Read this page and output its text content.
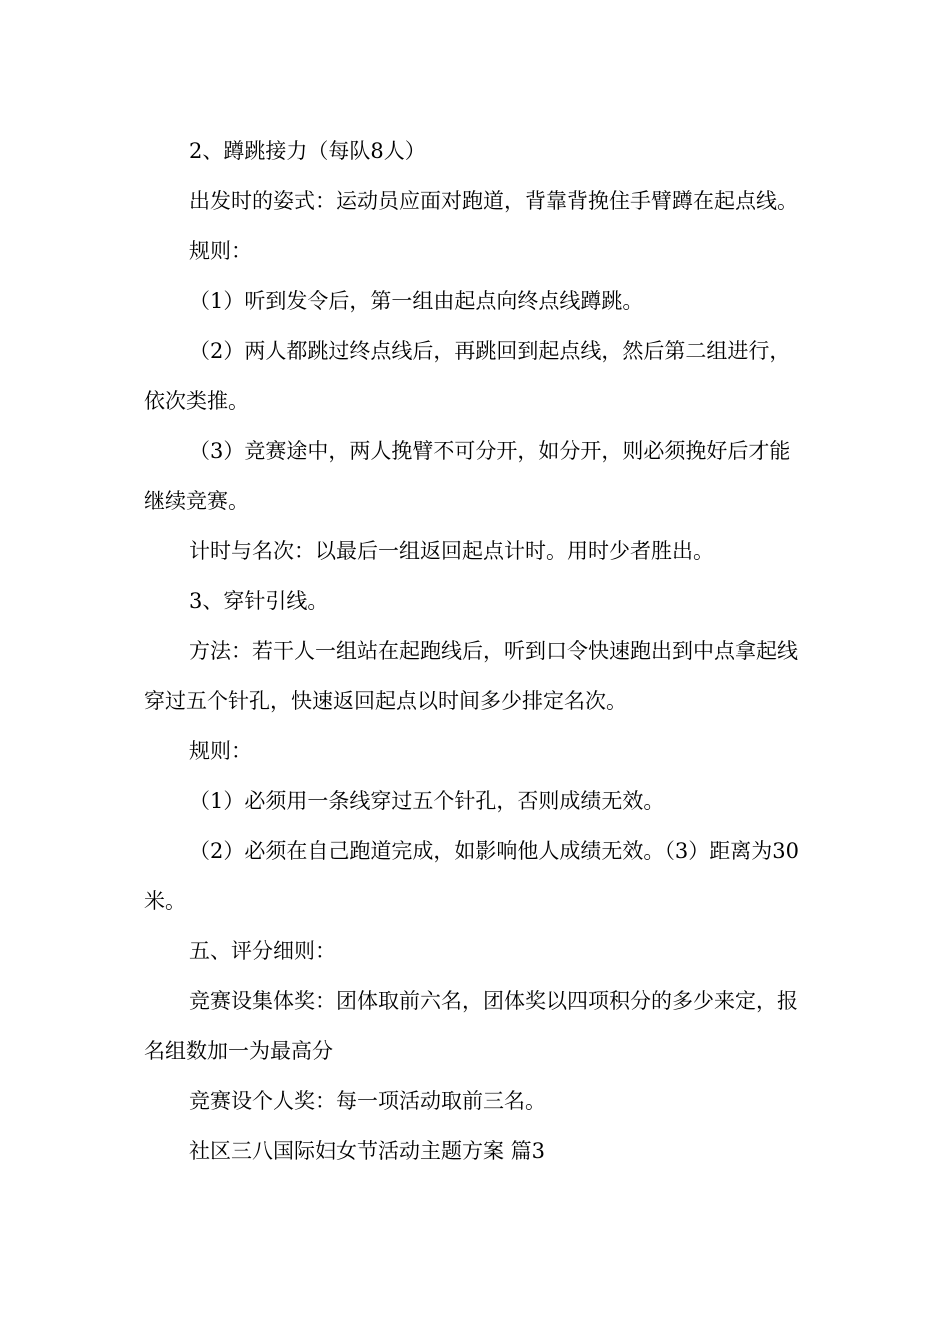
2、蹲跳接力（每队8人）

出发时的姿式：运动员应面对跑道，背靠背挽住手臂蹲在起点线。

规则：

（1）听到发令后，第一组由起点向终点线蹲跳。

（2）两人都跳过终点线后，再跳回到起点线，然后第二组进行，依次类推。

（3）竞赛途中，两人挽臂不可分开，如分开，则必须挽好后才能继续竞赛。

计时与名次：以最后一组返回起点计时。用时少者胜出。

3、穿针引线。

方法：若干人一组站在起跑线后，听到口令快速跑出到中点拿起线穿过五个针孔，快速返回起点以时间多少排定名次。

规则：

（1）必须用一条线穿过五个针孔，否则成绩无效。

（2）必须在自己跑道完成，如影响他人成绩无效。（3）距离为30米。

五、评分细则：

竞赛设集体奖：团体取前六名，团体奖以四项积分的多少来定，报名组数加一为最高分

竞赛设个人奖：每一项活动取前三名。

社区三八国际妇女节活动主题方案 篇3
